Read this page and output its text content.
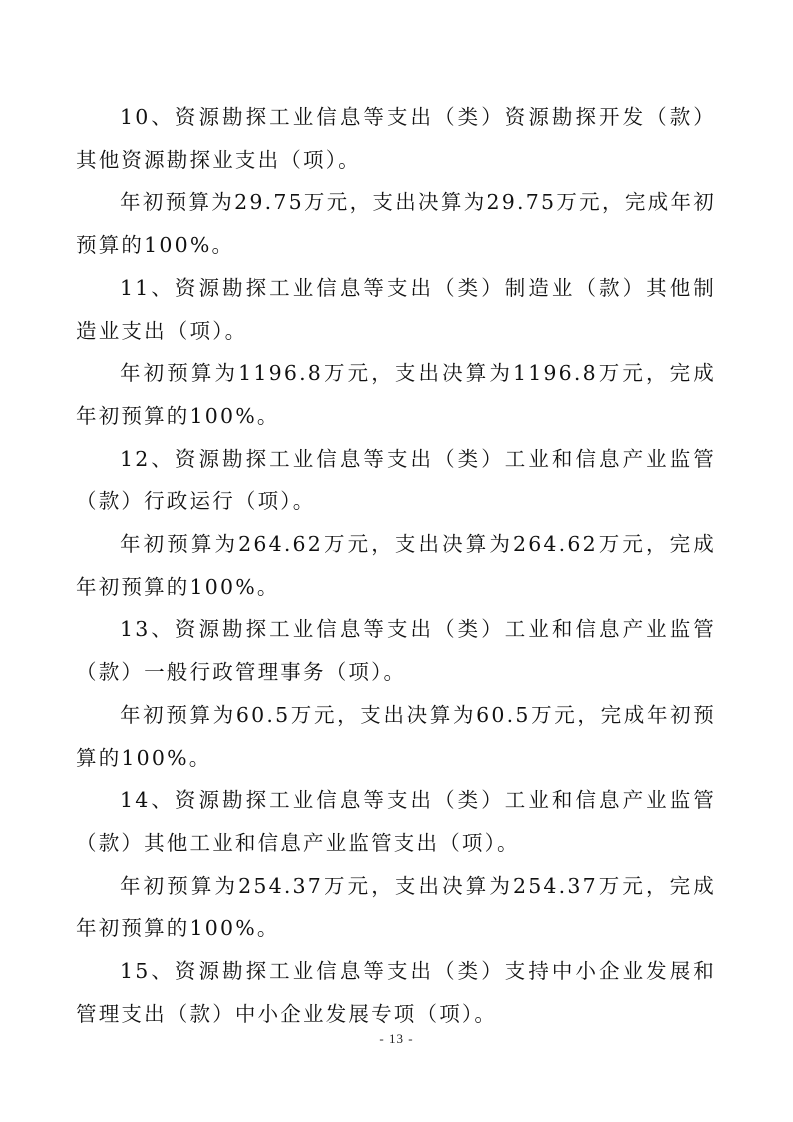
10、资源勘探工业信息等支出（类）资源勘探开发（款）其他资源勘探业支出（项）。

年初预算为29.75万元，支出决算为29.75万元，完成年初预算的100%。

11、资源勘探工业信息等支出（类）制造业（款）其他制造业支出（项）。

年初预算为1196.8万元，支出决算为1196.8万元，完成年初预算的100%。

12、资源勘探工业信息等支出（类）工业和信息产业监管（款）行政运行（项）。

年初预算为264.62万元，支出决算为264.62万元，完成年初预算的100%。

13、资源勘探工业信息等支出（类）工业和信息产业监管（款）一般行政管理事务（项）。

年初预算为60.5万元，支出决算为60.5万元，完成年初预算的100%。

14、资源勘探工业信息等支出（类）工业和信息产业监管（款）其他工业和信息产业监管支出（项）。

年初预算为254.37万元，支出决算为254.37万元，完成年初预算的100%。

15、资源勘探工业信息等支出（类）支持中小企业发展和管理支出（款）中小企业发展专项（项）。

- 13 -
